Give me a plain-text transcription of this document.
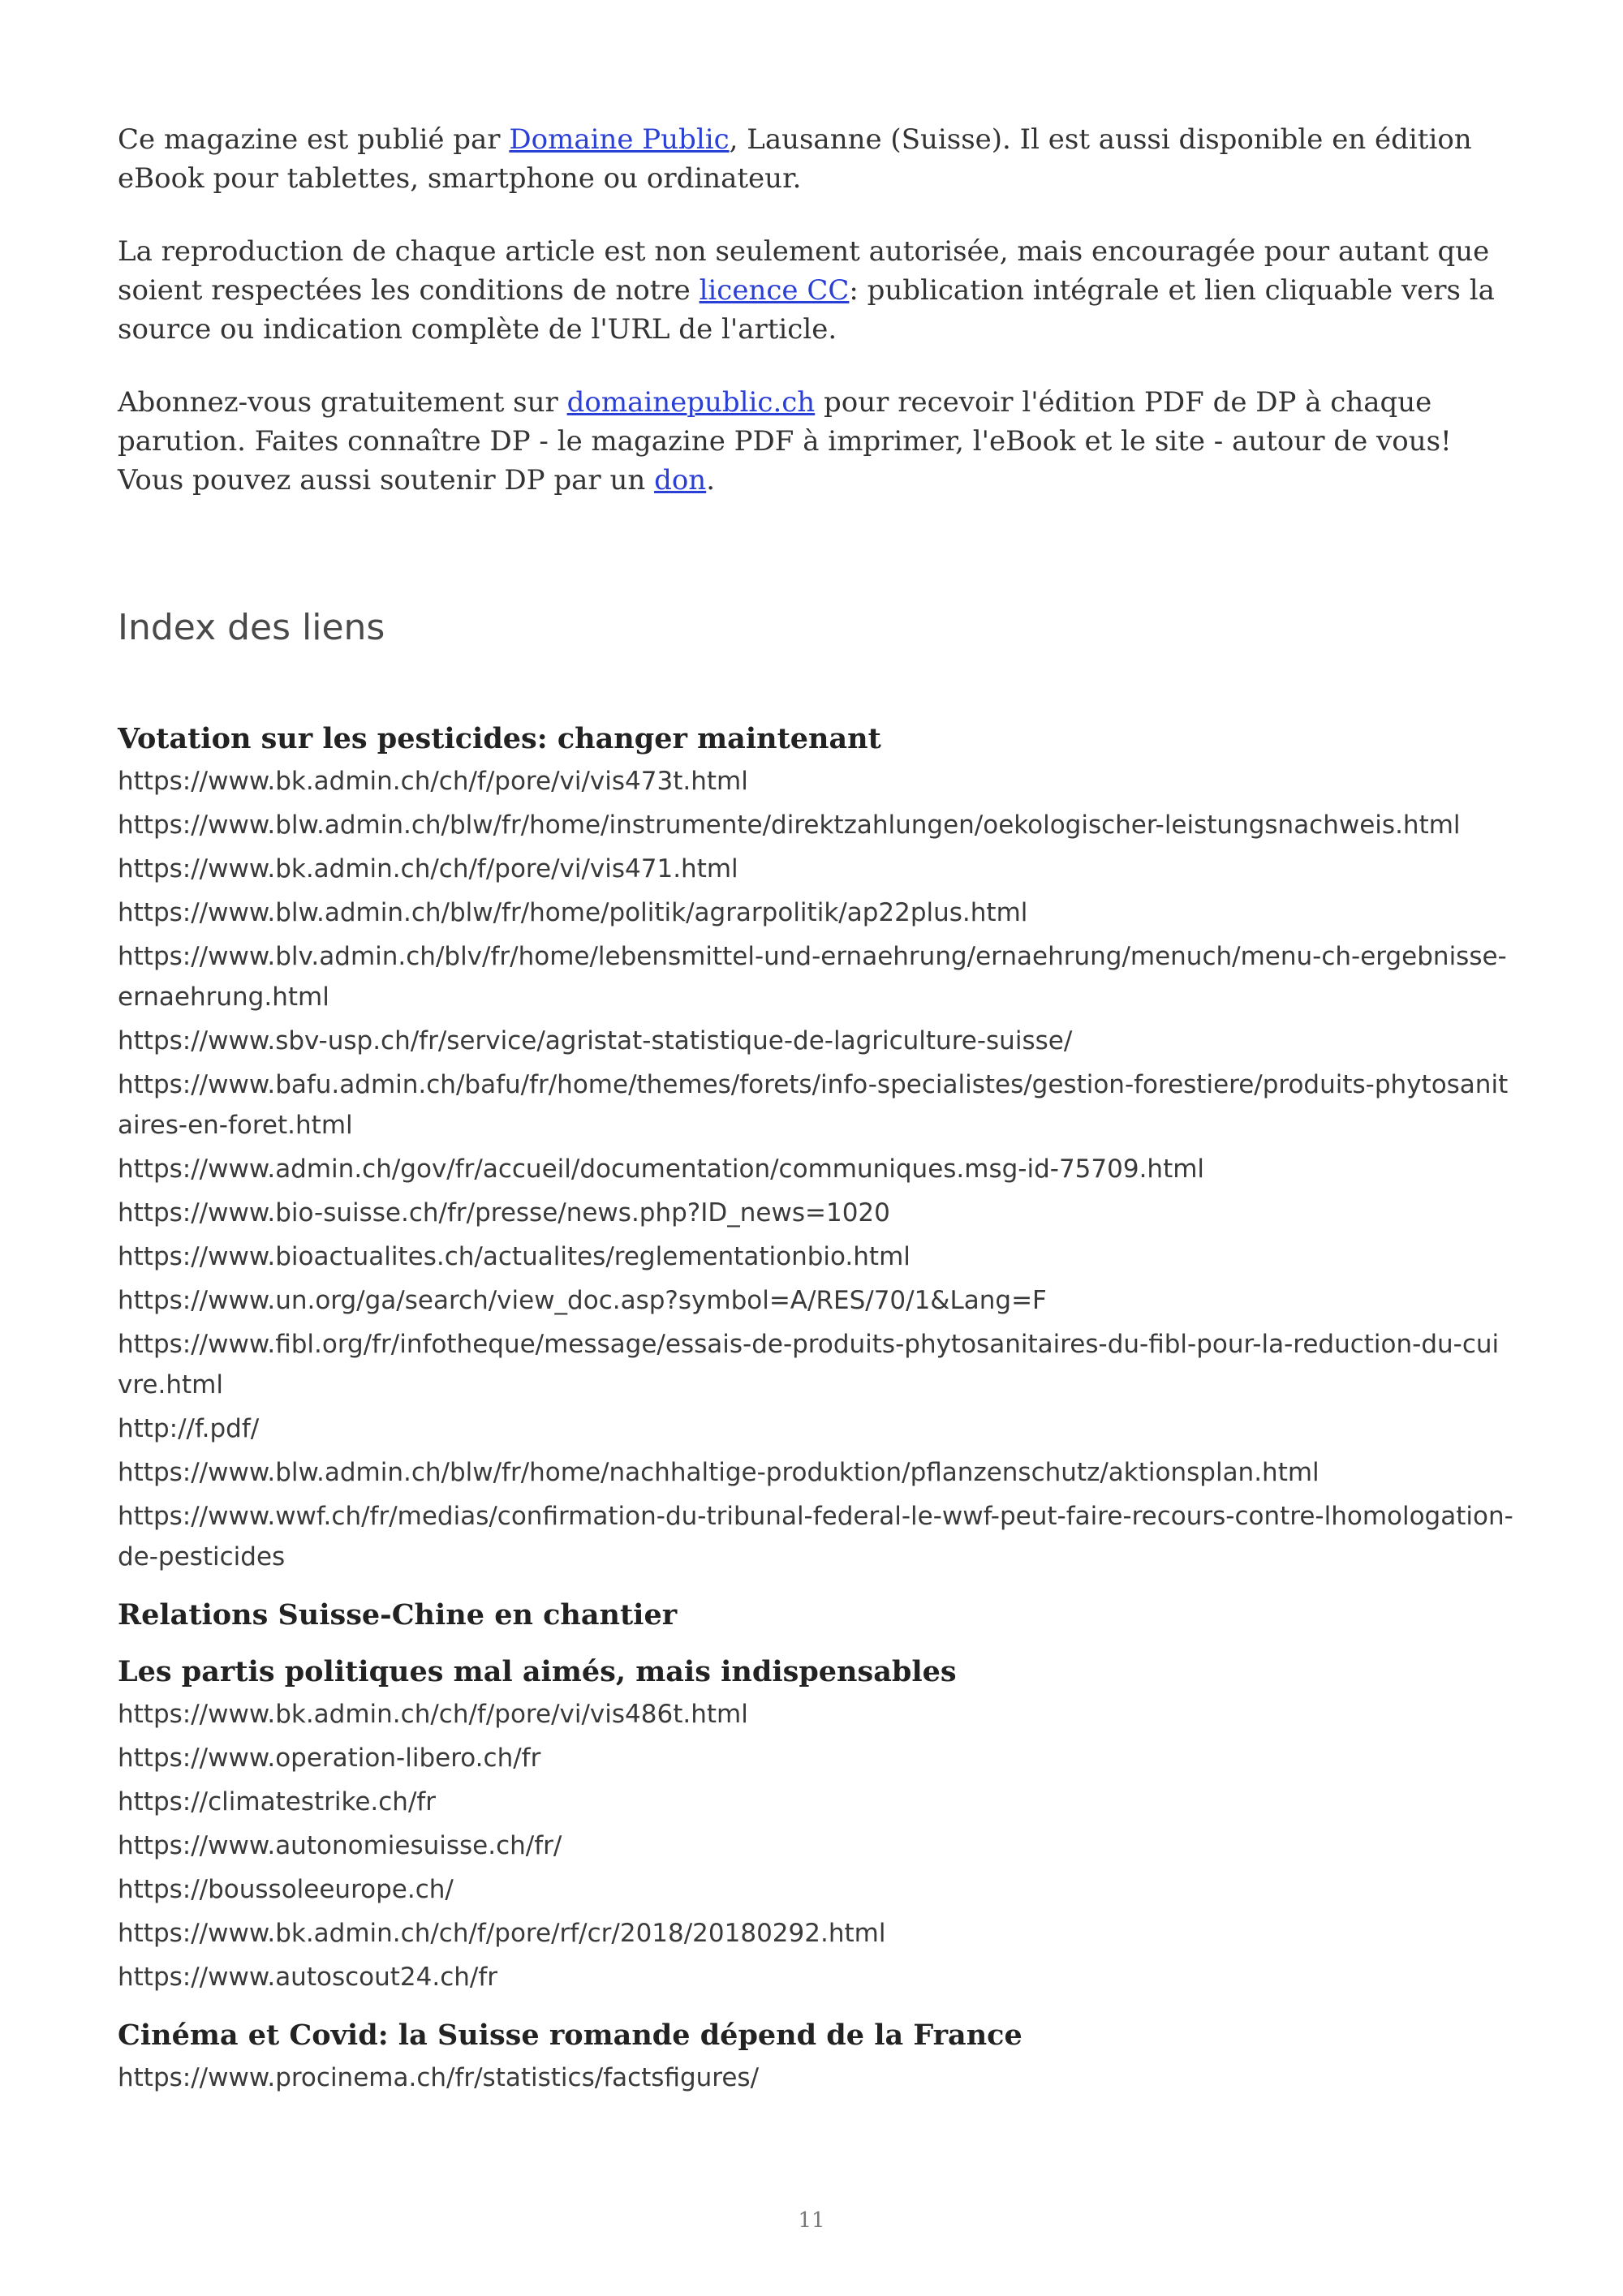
Ce magazine est publié par Domaine Public, Lausanne (Suisse). Il est aussi disponible en édition eBook pour tablettes, smartphone ou ordinateur.

La reproduction de chaque article est non seulement autorisée, mais encouragée pour autant que soient respectées les conditions de notre licence CC: publication intégrale et lien cliquable vers la source ou indication complète de l'URL de l'article.

Abonnez-vous gratuitement sur domainepublic.ch pour recevoir l'édition PDF de DP à chaque parution. Faites connaître DP - le magazine PDF à imprimer, l'eBook et le site - autour de vous! Vous pouvez aussi soutenir DP par un don.

Index des liens
Votation sur les pesticides: changer maintenant
https://www.bk.admin.ch/ch/f/pore/vi/vis473t.html
https://www.blw.admin.ch/blw/fr/home/instrumente/direktzahlungen/oekologischer-leistungsnachweis.html
https://www.bk.admin.ch/ch/f/pore/vi/vis471.html
https://www.blw.admin.ch/blw/fr/home/politik/agrarpolitik/ap22plus.html
https://www.blv.admin.ch/blv/fr/home/lebensmittel-und-ernaehrung/ernaehrung/menuch/menu-ch-ergebnisse-ernaehrung.html
https://www.sbv-usp.ch/fr/service/agristat-statistique-de-lagriculture-suisse/
https://www.bafu.admin.ch/bafu/fr/home/themes/forets/info-specialistes/gestion-forestiere/produits-phytosanitaires-en-foret.html
https://www.admin.ch/gov/fr/accueil/documentation/communiques.msg-id-75709.html
https://www.bio-suisse.ch/fr/presse/news.php?ID_news=1020
https://www.bioactualites.ch/actualites/reglementationbio.html
https://www.un.org/ga/search/view_doc.asp?symbol=A/RES/70/1&Lang=F
https://www.fibl.org/fr/infotheque/message/essais-de-produits-phytosanitaires-du-fibl-pour-la-reduction-du-cuivre.html
http://f.pdf/
https://www.blw.admin.ch/blw/fr/home/nachhaltige-produktion/pflanzenschutz/aktionsplan.html
https://www.wwf.ch/fr/medias/confirmation-du-tribunal-federal-le-wwf-peut-faire-recours-contre-lhomologation-de-pesticides
Relations Suisse-Chine en chantier
Les partis politiques mal aimés, mais indispensables
https://www.bk.admin.ch/ch/f/pore/vi/vis486t.html
https://www.operation-libero.ch/fr
https://climatestrike.ch/fr
https://www.autonomiesuisse.ch/fr/
https://boussoleeurope.ch/
https://www.bk.admin.ch/ch/f/pore/rf/cr/2018/20180292.html
https://www.autoscout24.ch/fr
Cinéma et Covid: la Suisse romande dépend de la France
https://www.procinema.ch/fr/statistics/factsfigures/
11
